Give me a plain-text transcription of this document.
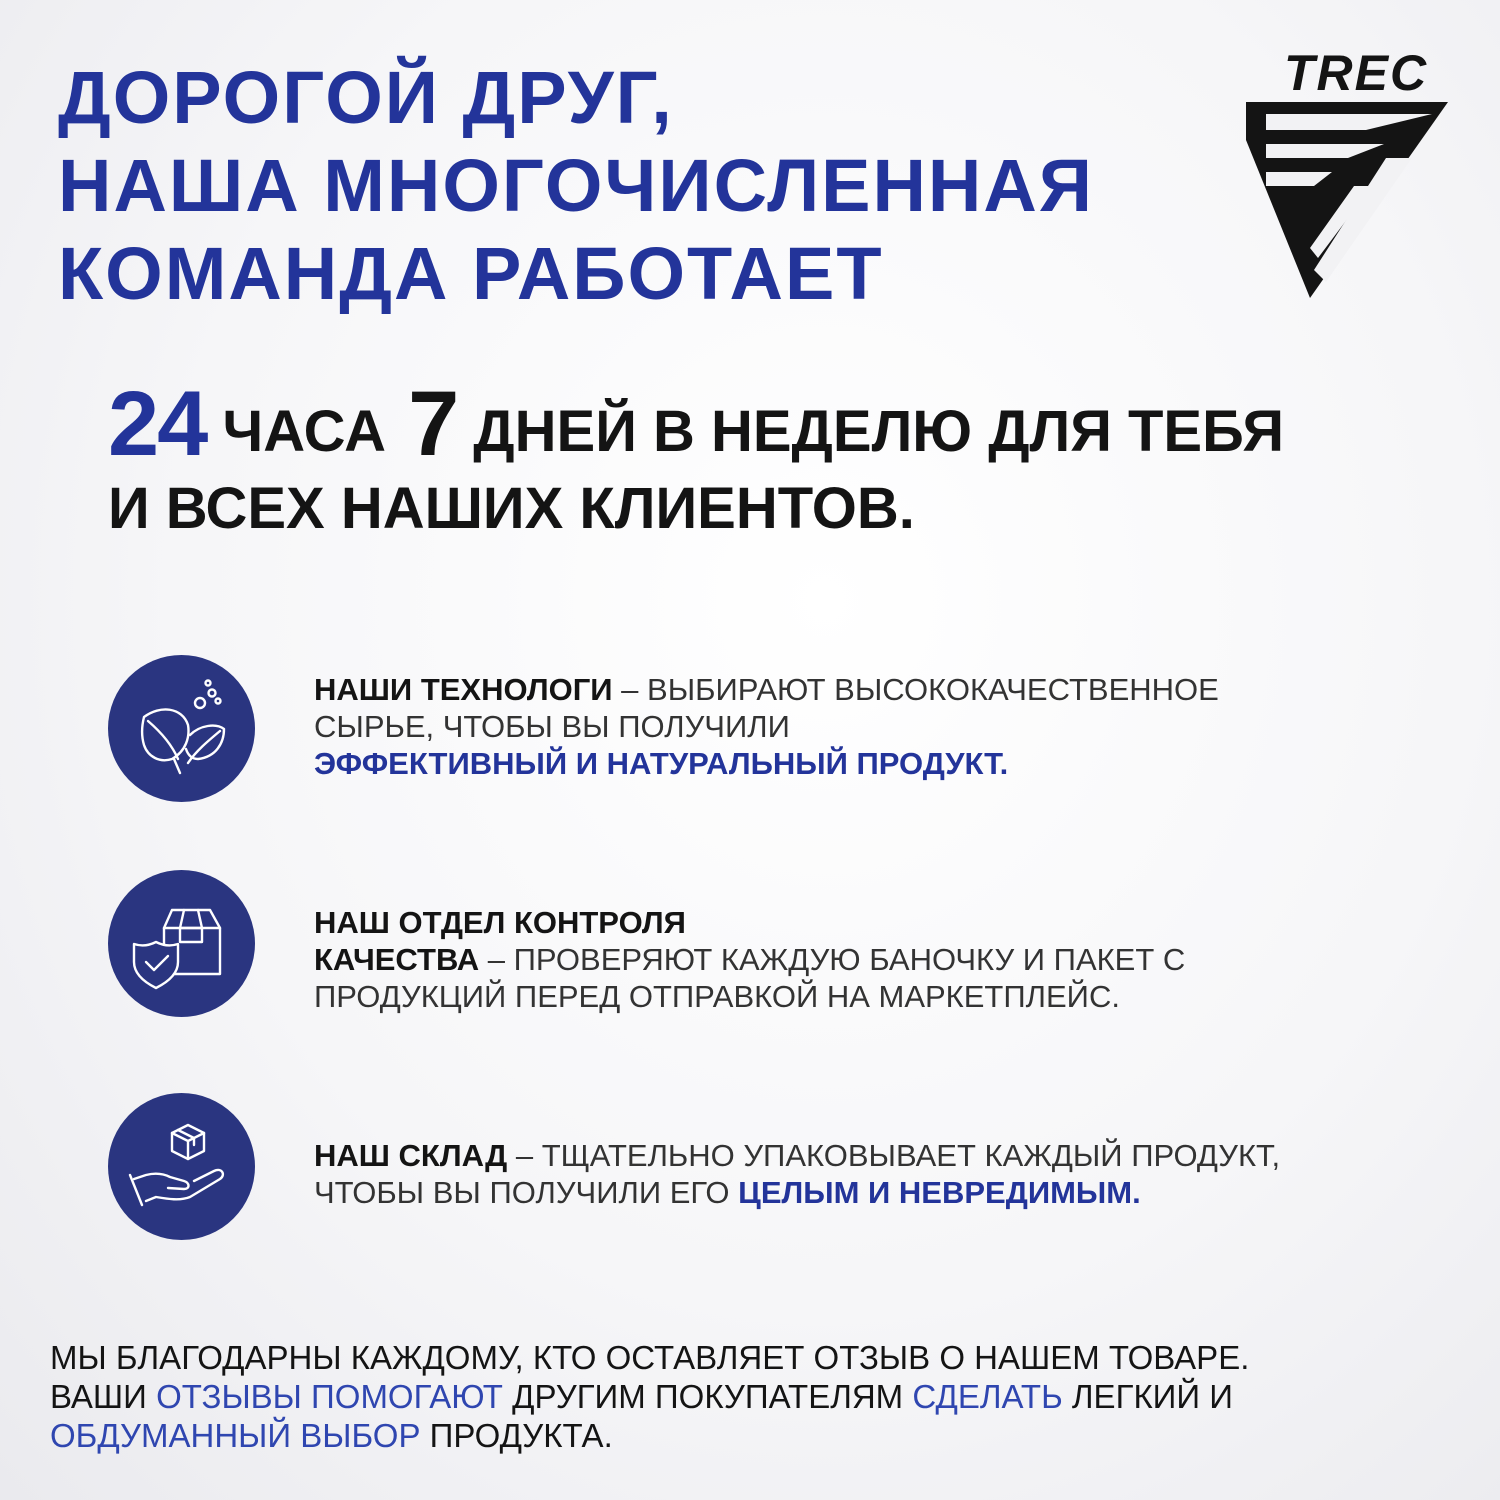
ДОРОГОЙ ДРУГ,
НАША МНОГОЧИСЛЕННАЯ
КОМАНДА РАБОТАЕТ
TREC
24 ЧАСА 7 ДНЕЙ В НЕДЕЛЮ ДЛЯ ТЕБЯ
И ВСЕХ НАШИХ КЛИЕНТОВ.
НАШИ ТЕХНОЛОГИ – ВЫБИРАЮТ ВЫСОКОКАЧЕСТВЕННОЕ
СЫРЬЕ, ЧТОБЫ ВЫ ПОЛУЧИЛИ
ЭФФЕКТИВНЫЙ И НАТУРАЛЬНЫЙ ПРОДУКТ.
НАШ ОТДЕЛ КОНТРОЛЯ
КАЧЕСТВА – ПРОВЕРЯЮТ КАЖДУЮ БАНОЧКУ И ПАКЕТ С
ПРОДУКЦИЙ ПЕРЕД ОТПРАВКОЙ НА МАРКЕТПЛЕЙС.
НАШ СКЛАД – ТЩАТЕЛЬНО УПАКОВЫВАЕТ КАЖДЫЙ ПРОДУКТ,
ЧТОБЫ ВЫ ПОЛУЧИЛИ ЕГО ЦЕЛЫМ И НЕВРЕДИМЫМ.
МЫ БЛАГОДАРНЫ КАЖДОМУ, КТО ОСТАВЛЯЕТ ОТЗЫВ О НАШЕМ ТОВАРЕ.
ВАШИ ОТЗЫВЫ ПОМОГАЮТ ДРУГИМ ПОКУПАТЕЛЯМ СДЕЛАТЬ ЛЕГКИЙ И
ОБДУМАННЫЙ ВЫБОР ПРОДУКТА.
